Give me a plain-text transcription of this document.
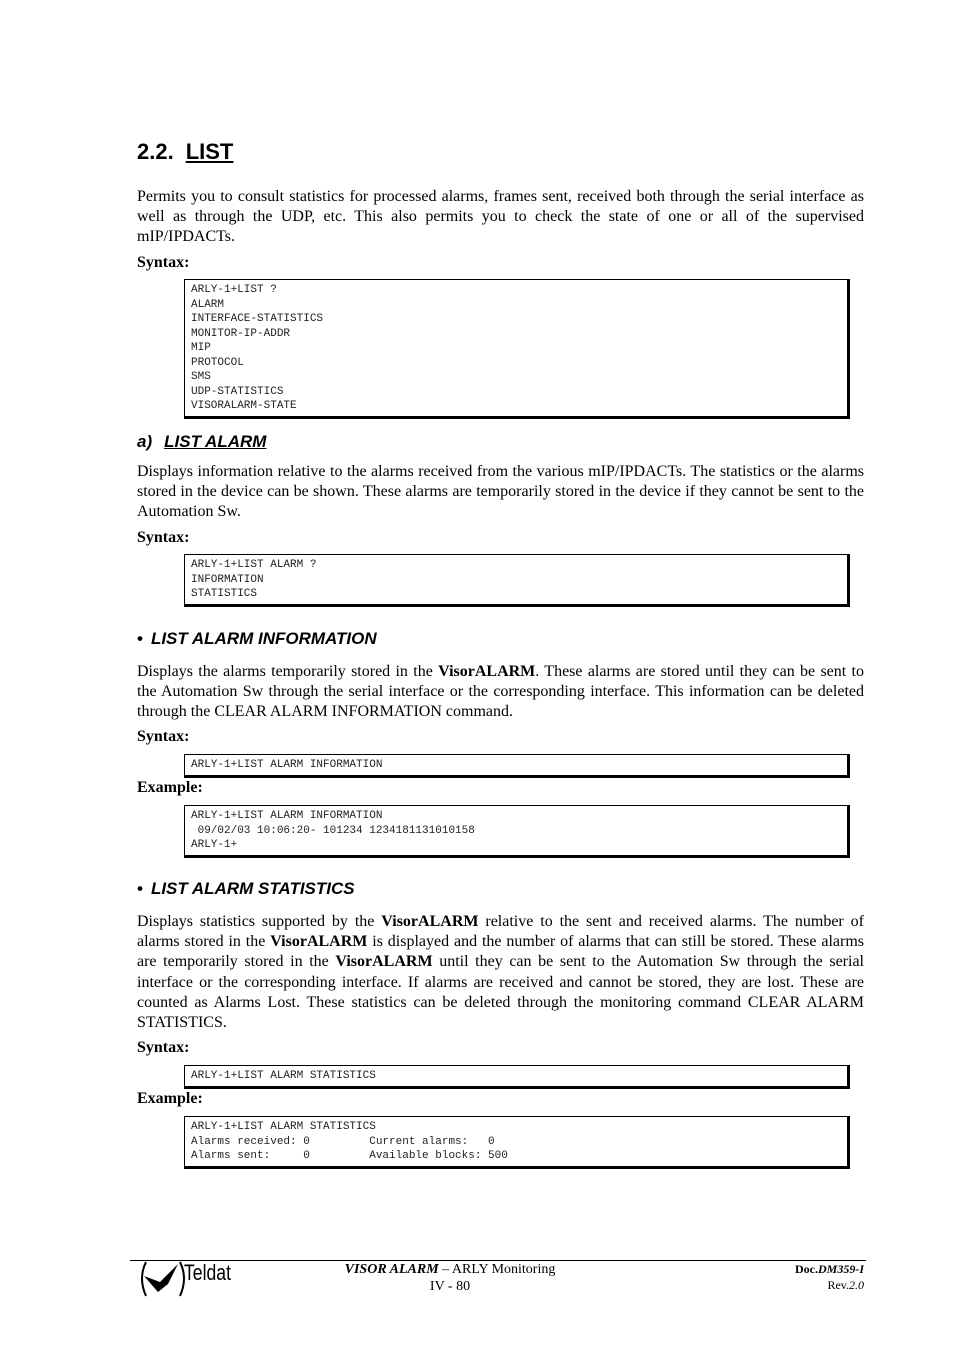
2.2. LIST
Permits you to consult statistics for processed alarms, frames sent, received both through the serial interface as well as through the UDP, etc. This also permits you to check the state of one or all of the supervised mIP/IPDACTs.
Syntax:
ARLY-1+LIST ?
ALARM
INTERFACE-STATISTICS
MONITOR-IP-ADDR
MIP
PROTOCOL
SMS
UDP-STATISTICS
VISORALARM-STATE
a) LIST ALARM
Displays information relative to the alarms received from the various mIP/IPDACTs. The statistics or the alarms stored in the device can be shown. These alarms are temporarily stored in the device if they cannot be sent to the Automation Sw.
Syntax:
ARLY-1+LIST ALARM ?
INFORMATION
STATISTICS
• LIST ALARM INFORMATION
Displays the alarms temporarily stored in the VisorALARM. These alarms are stored until they can be sent to the Automation Sw through the serial interface or the corresponding interface. This information can be deleted through the CLEAR ALARM INFORMATION command.
Syntax:
ARLY-1+LIST ALARM INFORMATION
Example:
ARLY-1+LIST ALARM INFORMATION
09/02/03 10:06:20- 101234 1234181131010158
ARLY-1+
• LIST ALARM STATISTICS
Displays statistics supported by the VisorALARM relative to the sent and received alarms. The number of alarms stored in the VisorALARM is displayed and the number of alarms that can still be stored. These alarms are temporarily stored in the VisorALARM until they can be sent to the Automation Sw through the serial interface or the corresponding interface. If alarms are received and cannot be stored, they are lost. These are counted as Alarms Lost. These statistics can be deleted through the monitoring command CLEAR ALARM STATISTICS.
Syntax:
ARLY-1+LIST ALARM STATISTICS
Example:
ARLY-1+LIST ALARM STATISTICS
Alarms received: 0         Current alarms:   0
Alarms sent:     0         Available blocks: 500
Teldat	VISOR ALARM – ARLY Monitoring
IV - 80
Doc.DM359-I
Rev.2.0
